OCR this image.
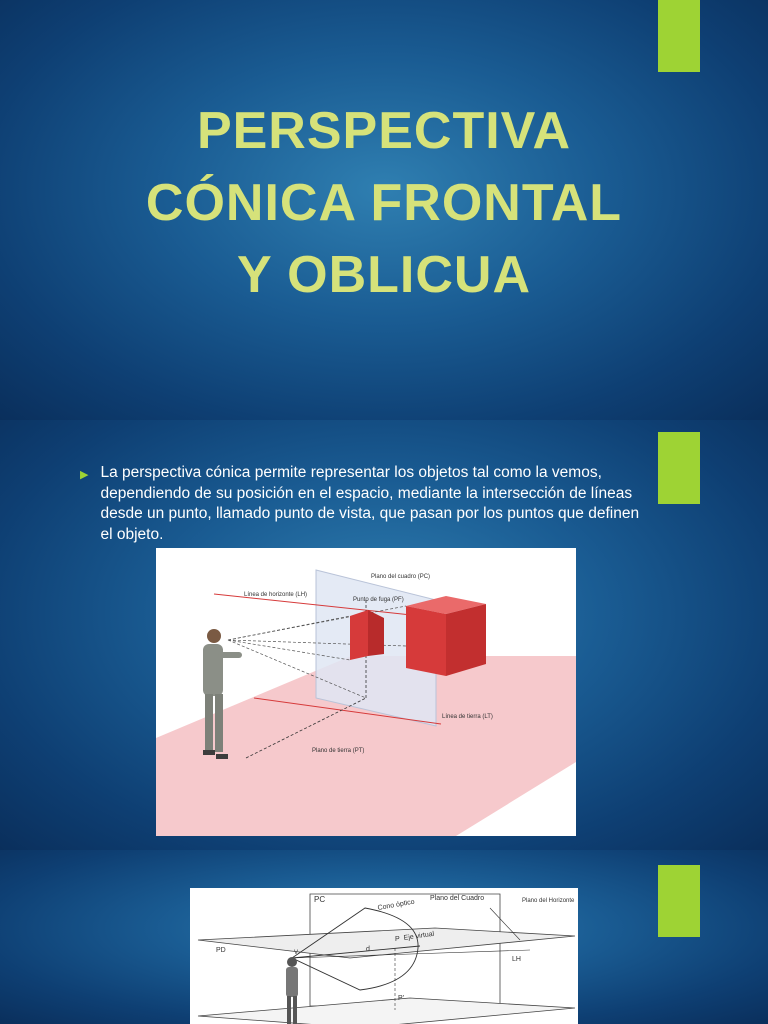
PERSPECTIVA
CÓNICA FRONTAL
Y OBLICUA
▶ La perspectiva cónica permite representar los objetos tal como la vemos, dependiendo de su posición en el espacio, mediante la intersección de líneas desde un punto, llamado punto de vista, que pasan por los puntos que definen el objeto.
Plano del cuadro (PC)
Línea de horizonte (LH)
Punto de fuga (PF)
Línea de tierra (LT)
Plano de tierra (PT)
PC	Plano del Cuadro
Cono óptico	Plano del Horizonte
PD
P Eje virtual
d
LH
V
P'
